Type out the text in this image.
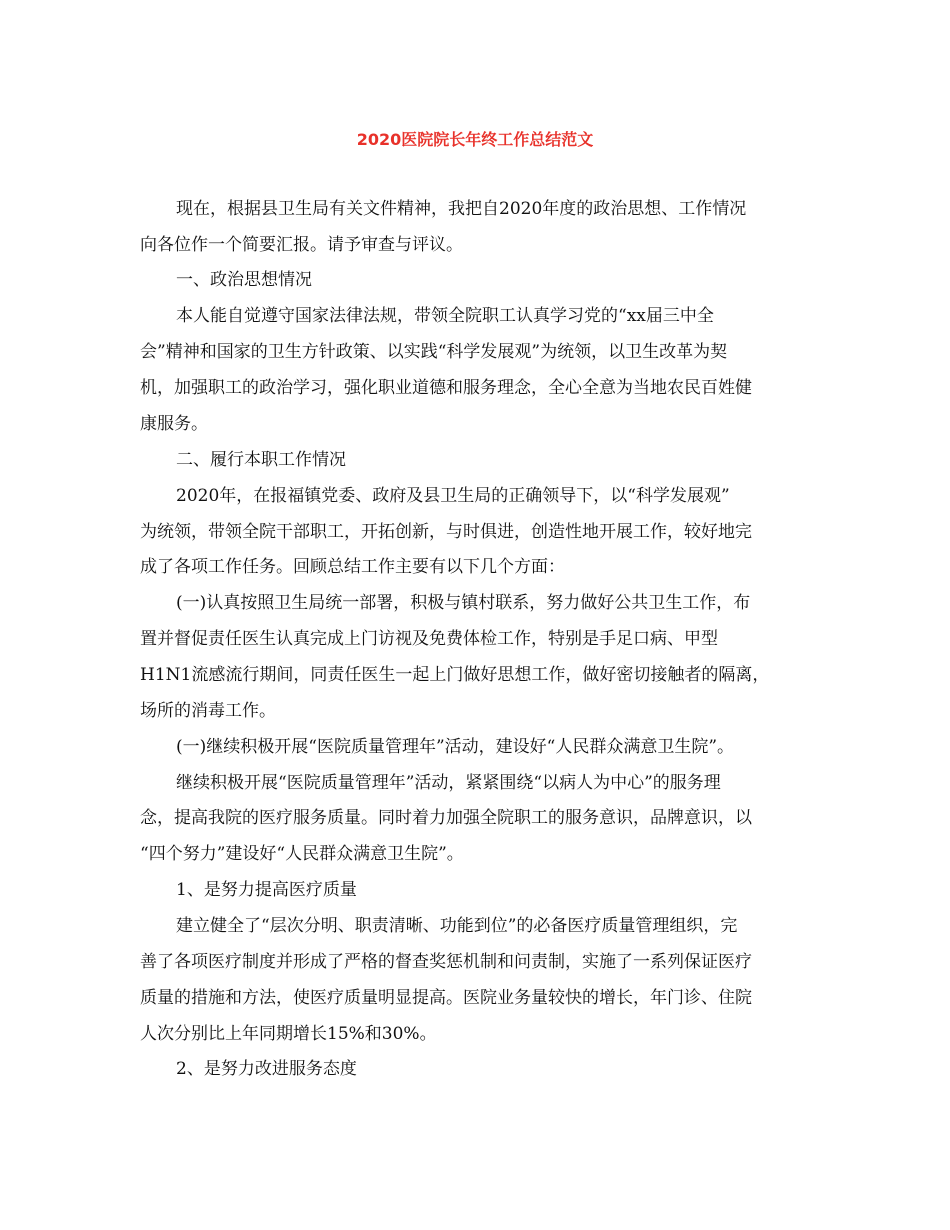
2020医院院长年终工作总结范文
现在，根据县卫生局有关文件精神，我把自2020年度的政治思想、工作情况
向各位作一个简要汇报。请予审查与评议。
一、政治思想情况
本人能自觉遵守国家法律法规，带领全院职工认真学习党的“xx届三中全
会”精神和国家的卫生方针政策、以实践“科学发展观”为统领，以卫生改革为契
机，加强职工的政治学习，强化职业道德和服务理念，全心全意为当地农民百姓健
康服务。
二、履行本职工作情况
2020年，在报福镇党委、政府及县卫生局的正确领导下，以“科学发展观”
为统领，带领全院干部职工，开拓创新，与时俱进，创造性地开展工作，较好地完
成了各项工作任务。回顾总结工作主要有以下几个方面：
(一)认真按照卫生局统一部署，积极与镇村联系，努力做好公共卫生工作，布
置并督促责任医生认真完成上门访视及免费体检工作，特别是手足口病、甲型
H1N1流感流行期间，同责任医生一起上门做好思想工作，做好密切接触者的隔离，
场所的消毒工作。
(一)继续积极开展“医院质量管理年”活动，建设好“人民群众满意卫生院”。
继续积极开展“医院质量管理年”活动，紧紧围绕“以病人为中心”的服务理
念，提高我院的医疗服务质量。同时着力加强全院职工的服务意识，品牌意识，以
“四个努力”建设好“人民群众满意卫生院”。
1、是努力提高医疗质量
建立健全了“层次分明、职责清晰、功能到位”的必备医疗质量管理组织，完
善了各项医疗制度并形成了严格的督查奖惩机制和问责制，实施了一系列保证医疗
质量的措施和方法，使医疗质量明显提高。医院业务量较快的增长，年门诊、住院
人次分别比上年同期增长15%和30%。
2、是努力改进服务态度
